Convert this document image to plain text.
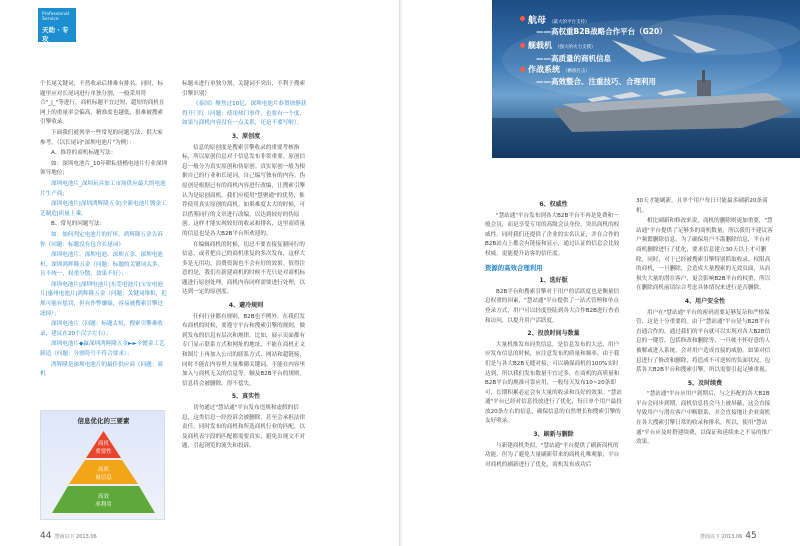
Professional
Service
天助 · 专攻

个长尾关键词，不然收录后排难有排名。同时，标题里应对长尾词进行单独分割，一般采用符合"_|_"等进行。商机标题不宜过短，超短的商机在网上的重量率会偏高，精准度也越低，很难被搜索引擎收录。

下面我们就列举一些常见的问题写法，供大家参考。（以长尾词"深圳电池片"为例）：

A、推荐的商机标题写法：

如：深圳电池片_10年耕耘骁楷电池片行业深圳领导地位；

深圳电池片_深圳玩具加工市场供应最大的电池片生产商；

深圳电池片|深圳鸿辉隆五金|全新电池片镀金工艺制造|质量上乘。

B、常见的问题写法：

如：如何判定电池片的好坏，鸿辉隆五金告诉你（问题：标题没有包含长尾词）

深圳电池片、深圳电池、深圳五金、深圳电池机、深圳鸿辉隆五金（问题：标题的关键词太多，且不统一，权重分散，效果不好）；

深圳电池片|深圳电池片|东莞电池片|宝安电池片|惠州电池片|鸿辉隆五金（问题：关键词堆积，犯规可能有惩罚，但有作弊嫌疑，容易被搜索引擎过滤掉）；

深圳电池片（问题：标题太短，搜索引擎难收录，建议在20个汉字左右）；

深圳电池片◆赢深圳鸿辉隆五金►►全镀金工艺制造（问题：分割符号不符合要求）；

鸿辉隆是深圳电池片的最佳供应商（问题：商机

信息优化的三要素
商机
重要性
高质
量信息
高效
率利用

标题未进行单独分割，关键词不突出，不利于搜索引擎识别）

《泰国》聚焦过10亿，深圳电池片恭贺徐静获得开门红（问题：使用热门事件，也要有一个度，如果与商机内容没有一点关系，还是不要写啦）。

3、原创度

信息的原创度是搜索引擎收录的重要考核指标，所以原创信息对于信息发布非常重要。原创信息一般分为真实原创和伪原创。真实原创一般为根据自己的行业和长尾词，自己编写独有的内容。伪原创是根据已有的商机内容进行改编，让搜索引擎认为是原创商机。我们应使用"慧聚通"的优势，推荐使用真实原创的商机，如果难度太大的时候，可以借鉴同行的文章进行改编，以达到较好的伪原创。这样才能实现较好的收录和排名，这里商质量的信息也是各大B2B平台所欢迎的。

在编辑商机的时候，切忌不要直接复制同行的信息，或者把自己的商机重复的多次发布，这样大多是无用功，浪费资源也不会有好的效果。值得注意的是，我们在新建商机的时候不光只是对商机标题进行原创处理，商机内容同样需要进行处理，以达到一定的原创度。

4、避冷规则

任何行业都有规则，B2B也不例外。在我们发布商机的时候，要遵守平台和搜索引擎的规则，做到发布的信息有层次和规律。比如，展示页面都有专门显示联系方式和网址的地址，不能在商机正文和图片上再加入公司的联系方式、网站和超链接，同时不能在内容里大量堆砌关键词、不能在内容里加入与商机无关的信息等。触及B2B平台的规则，信息将会被删除，得不偿失。

5、真实性

切勿通过"慧站通"平台发布违规和虚假的信息，这类信息一经投诉会被删除，甚至会承担法律责任。同时发布的商机和所选商机行业的匹配，以及商机表字段的匹配都需要真实，避免出现文不对题，引起浏览的流失和投诉。

航母 （最大的平台支持）
——高权重B2B战略合作平台（G20）
舰载机 （强大的火力支援）
——高质量的商机信息
作战系统 （精准打击）
——高效整合、注重技巧、合理利用
6、权威性

"慧站通"平台发布到各大B2B平台不再是免费和一般会员，而是享受专用的高级会员身份，突出商机的权威性。同时我们还提供了企业的实名认证，并在合作的B2B站点上都会有链接和显示，通过认证的信息会比较权威，更能提升访客的信任度。

资源的高效合理利用
1、选好版

B2B平台和搜索引擎对于用户的活跃度也是衡量信息权重的因素，"慧站通"平台提供了一站式管理和单点登录方式，用户可以轻度登陆到各大合作B2B进行查看和访问，以提升用户活跃度。

2、投放时间与数量

大量机推发布同类信息，是信息发布的大忌，用户应发布信息的时候，应注意发布的质量和频率。由于我们是与各大B2B无缝对接，可以确保商机的100%实时达到，所以我们发布数量不宜过多。在商机的高质量和B2B平台的规准可靠应用，一般每天发布10~20条即可，长期积累必定会有大量的收录和良好的效果。"慧站通"平台已经对信息投放进行了优化，每日单个用户最投放20条左右的信息，确保信息的自然增长和搜索引擎的友好收录。

3、刷新与删除

与新建商机类似，"慧站通"平台提供了刷新商机的功能，但为了避免大量刷新带来的商机礼唯观象，平台对商机的刷新进行了优化，商机发布成功后

30天才能刷新，且单个用户每日只能最多刷新20条商机。

相比刷新和修改来说，商机的删除则更加重要，"慧站通"平台提供了足够多的商机数量，所以我们不建议客户频繁删除信息。为了确保用户不滥删除信息，平台对商机删除进行了优化，要求信息建立30天以上才可删除，同时，对于已经被搜索引擎特别抓取收录、权限高的商机，一旦删除，会造成大量搜索的无效页面，从而损失大量的潜在客户，更会影响B2B平台的权重，所以在删除商机前请综合考虑具体情况来进行是否删除。

4、用户安全性

用户在"慧站通"平台的密码需要足够复杂和严格保管，这是十分重要的。由于"慧站通"平台是与B2B平台直通合作的，通过我们的平台就可以实现对各大B2B信息的一键管，包括修改和删除等，一旦帐不怀好意的人被解或进入系统，会对用户造成直接的威胁。如果对信息进行了修改和删除，将造成不可逆转的负面状况，包括各大B2B平台和搜索引擎，所以需要引起足够重视。

5、及时续费

"慧站通"平台应用户到期后，与之匹配的各大B2B平台会同步到期，商机信息将会马上被屏蔽，这会直接导致用户与潜在客户中断联系，并会直接地让企业商机在各大搜索引擎日常的收录和排名。所以，使用"慧站通"平台应及时搭建续费，以保证和延续来之不易的推广效果。

44 慧商以下 2013.06	慧商以下 2013.06 45
